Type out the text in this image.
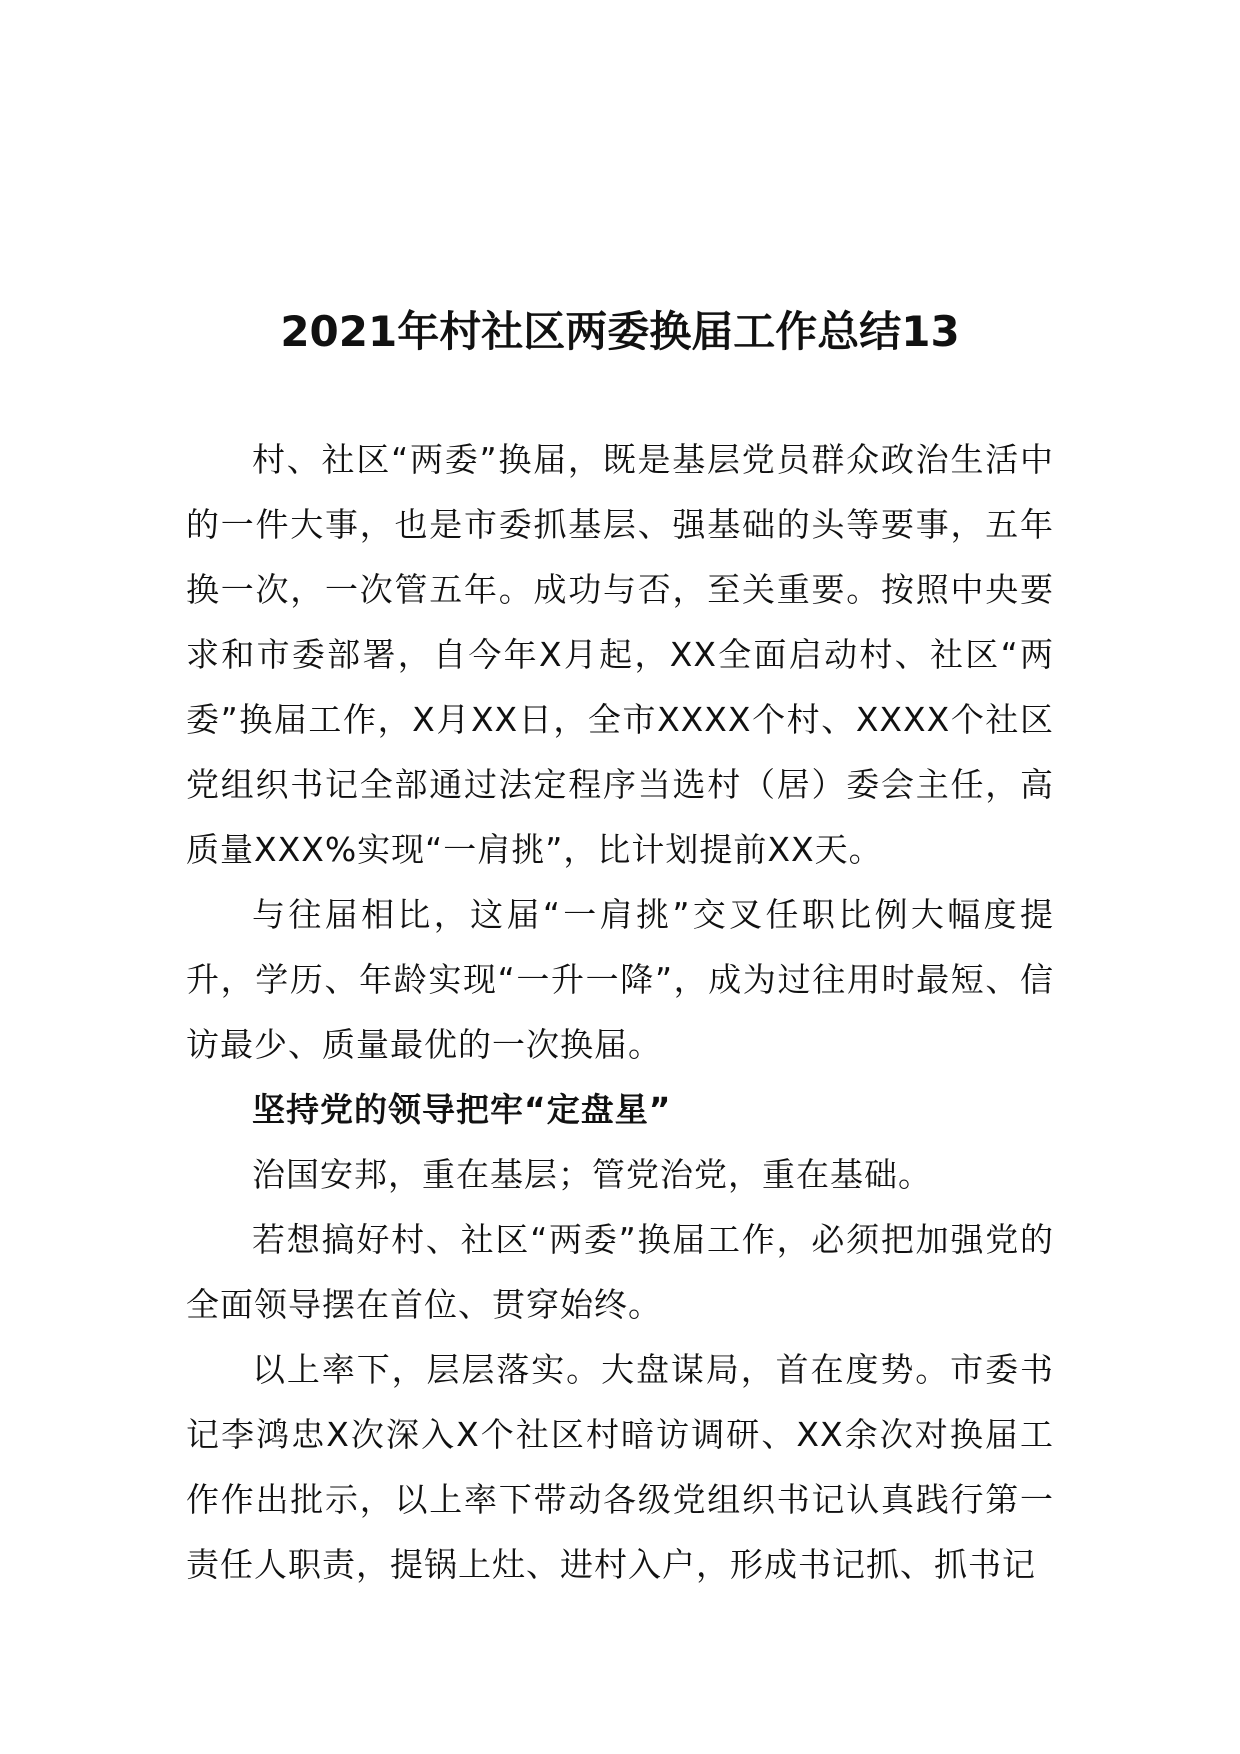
2021年村社区两委换届工作总结13

村、社区“两委”换届，既是基层党员群众政治生活中的一件大事，也是市委抓基层、强基础的头等要事，五年换一次，一次管五年。成功与否，至关重要。按照中央要求和市委部署，自今年X月起，XX全面启动村、社区“两委”换届工作，X月XX日，全市XXXX个村、XXXX个社区党组织书记全部通过法定程序当选村（居）委会主任，高质量XXX%实现“一肩挑”，比计划提前XX天。

与往届相比，这届“一肩挑”交叉任职比例大幅度提升，学历、年龄实现“一升一降”，成为过往用时最短、信访最少、质量最优的一次换届。

坚持党的领导把牢“定盘星”

治国安邦，重在基层；管党治党，重在基础。

若想搞好村、社区“两委”换届工作，必须把加强党的全面领导摆在首位、贯穿始终。

以上率下，层层落实。大盘谋局，首在度势。市委书记李鸿忠X次深入X个社区村暗访调研、XX余次对换届工作作出批示，以上率下带动各级党组织书记认真践行第一责任人职责，提锅上灶、进村入户，形成书记抓、抓书记
